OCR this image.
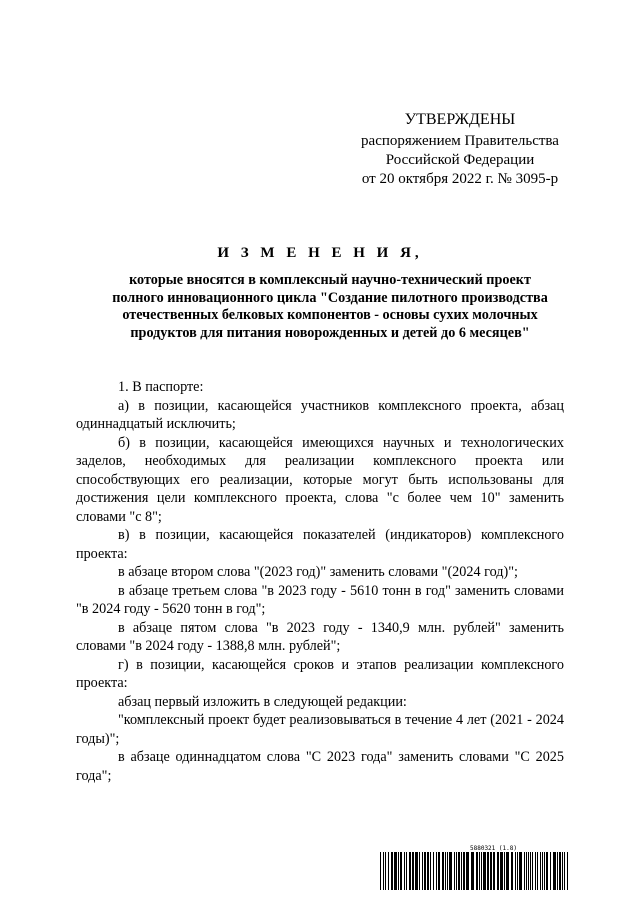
УТВЕРЖДЕНЫ
распоряжением Правительства
Российской Федерации
от 20 октября 2022 г. № 3095-р
И З М Е Н Е Н И Я,
которые вносятся в комплексный научно-технический проект
полного инновационного цикла "Создание пилотного производства
отечественных белковых компонентов - основы сухих молочных
продуктов для питания новорожденных и детей до 6 месяцев"

1. В паспорте:

а) в позиции, касающейся участников комплексного проекта, абзац одиннадцатый исключить;

б) в позиции, касающейся имеющихся научных и технологических заделов, необходимых для реализации комплексного проекта или способствующих его реализации, которые могут быть использованы для достижения цели комплексного проекта, слова "с более чем 10" заменить словами "с 8";

в) в позиции, касающейся показателей (индикаторов) комплексного проекта:

в абзаце втором слова "(2023 год)" заменить словами "(2024 год)";

в абзаце третьем слова "в 2023 году - 5610 тонн в год" заменить словами "в 2024 году - 5620 тонн в год";

в абзаце пятом слова "в 2023 году - 1340,9 млн. рублей" заменить словами "в 2024 году - 1388,8 млн. рублей";

г) в позиции, касающейся сроков и этапов реализации комплексного проекта:

абзац первый изложить в следующей редакции:

"комплексный проект будет реализовываться в течение 4 лет (2021 - 2024 годы)";

в абзаце одиннадцатом слова "С 2023 года" заменить словами "С 2025 года";

5880321 (1.8)
